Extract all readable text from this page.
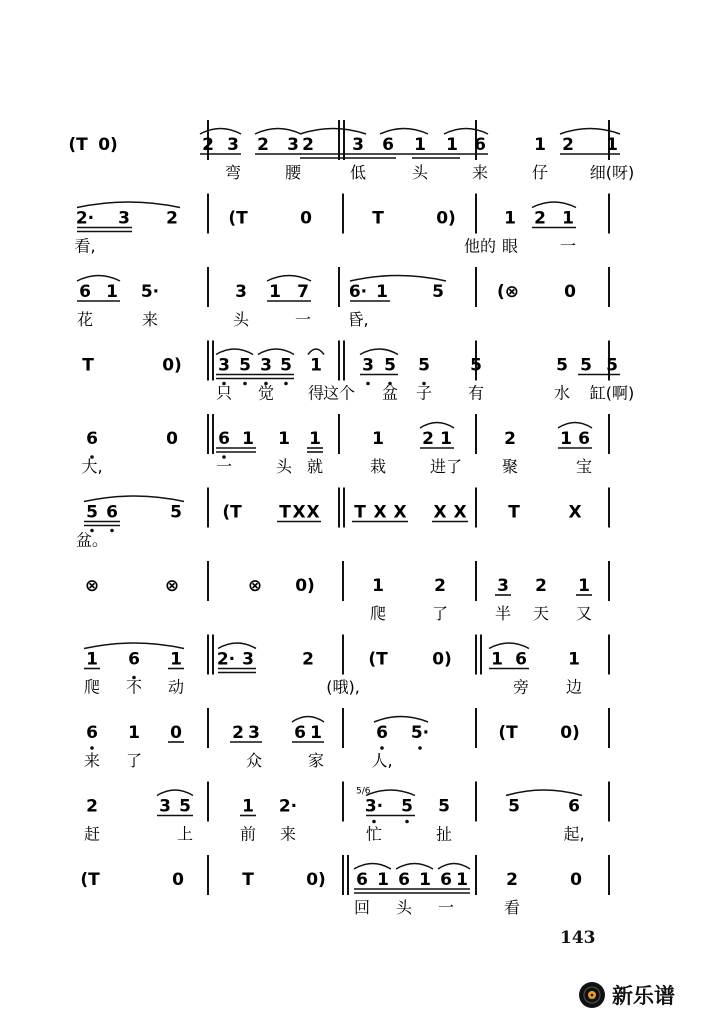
(T 0)	2 3 2 3 2 3 6 1 1 6	1 2 1
弯	腰	低	头	来	仔	细(呀)
2· 3 2	(T	0	T	0)	1 2 1
看,	他的 眼	一
6 1 5·	3 1 7 6· 1	5	(⊗	0
花	来	头	一 昏,
T	0) 3 5 3 5 1 3 5 5 5	5 5 5
只 觉 得
这个 盆 子 有	水 缸(啊)
6	0 6 1 1 1	1 2 1	2	1 6
大,	一	头 就	栽	进了 聚	宝
5 6	5 (T T X X T X X X X T	X
盆。
⊗	⊗	⊗ 0)	1	2	3 2 1
爬	了	半 天 又
1 6 1 2· 3	2	(T	0) 1 6 1
爬 不 动	(哦),	旁 边
6 1 0	2 3 6 1	6 5·	(T	0)
来 了	众	家	人,
2	3 5	1 2·	3· 5 5	5	6
赶	上	前 来	忙	扯	起,
(T	0	T	0) 6 1 6 1 6 1 2	0
回 头 一	看
5/6
143
新乐谱
